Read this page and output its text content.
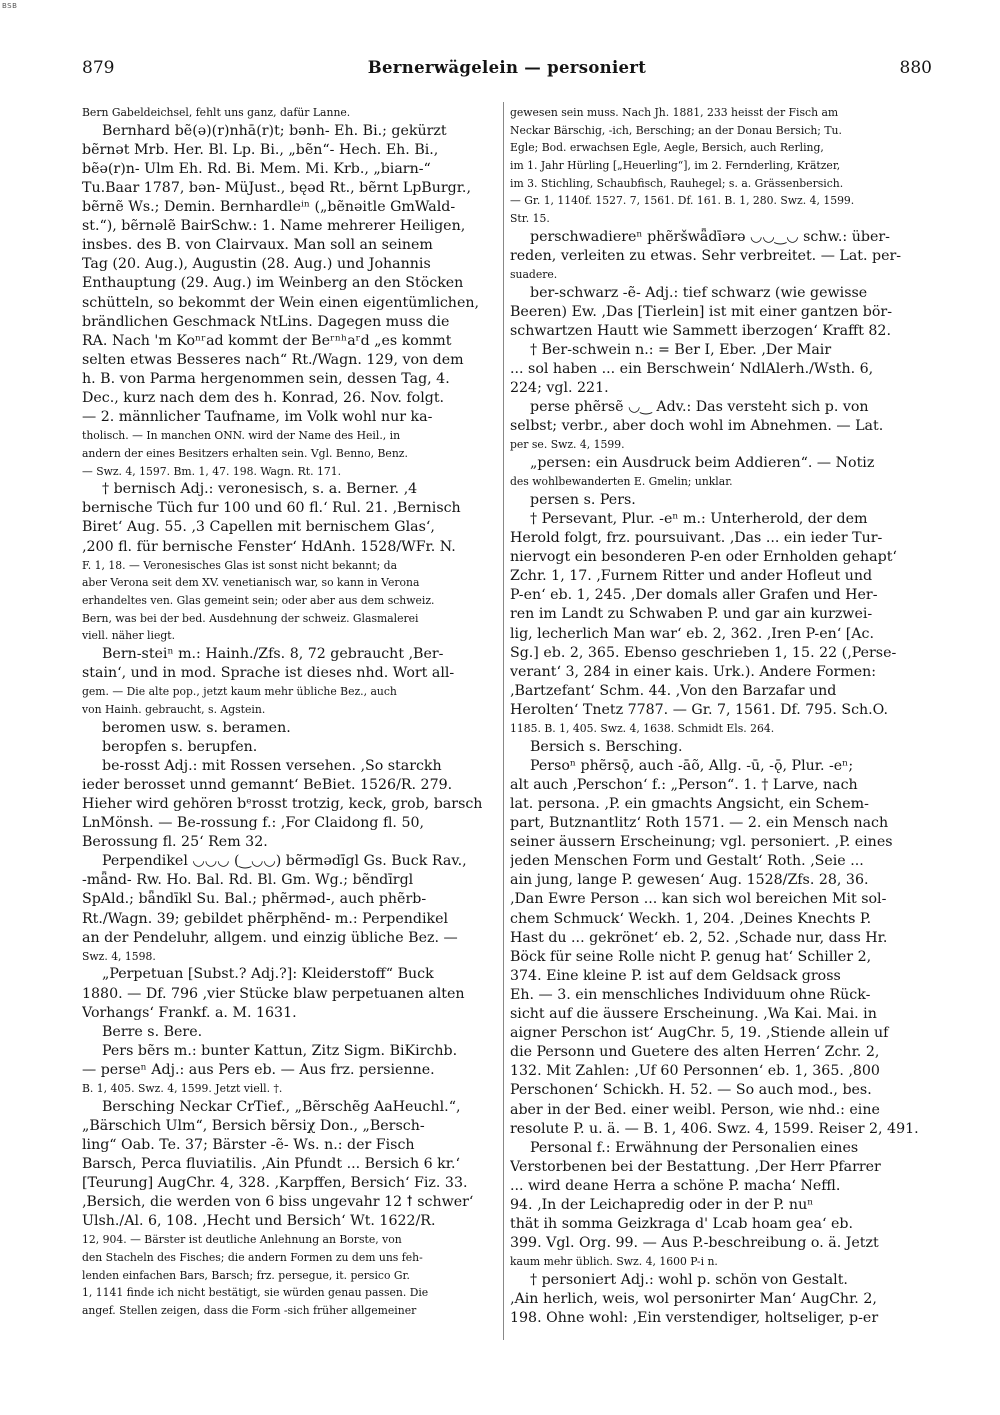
BSB
879	Bernerwägelein — personiert	880
Bern Gabeldeichsel, fehlt uns ganz, dafür Lanne.
Bernhard bẽ(ə)(r)nhā(r)t; bənh- Eh. Bi.; gekürzt
bẽrnət Mrb. Her. Bl. Lp. Bi., „bẽn“- Hech. Eh. Bi.,
bẽə(r)n- Ulm Eh. Rd. Bi. Mem. Mi. Krb., „biarn-“
Tu.Baar 1787, bən- MüJust., bęəd Rt., bẽrnt LpBurgr.,
bẽrnẽ Ws.; Demin. Bernhardleⁱⁿ („bẽnəitle GmWald-
st.“), bẽrnəlẽ BairSchw.: 1. Name mehrerer Heiligen,
insbes. des B. von Clairvaux. Man soll an seinem
Tag (20. Aug.), Augustin (28. Aug.) und Johannis
Enthauptung (29. Aug.) im Weinberg an den Stöcken
schütteln, so bekommt der Wein einen eigentümlichen,
brändlichen Geschmack NtLins. Dagegen muss die
RA. Nach 'm Koⁿʳad kommt der Beʳⁿʰaʳd „es kommt
selten etwas Besseres nach“ Rt./Wagn. 129, von dem
h. B. von Parma hergenommen sein, dessen Tag, 4.
Dec., kurz nach dem des h. Konrad, 26. Nov. folgt.
— 2. männlicher Taufname, im Volk wohl nur ka-
tholisch. — In manchen ONN. wird der Name des Heil., in
andern der eines Besitzers erhalten sein. Vgl. Benno, Benz.
— Swz. 4, 1597. Bm. 1, 47. 198. Wagn. Rt. 171.
† bernisch Adj.: veronesisch, s. a. Berner. ‚4
bernische Tüch fur 100 und 60 fl.‘ Rul. 21. ‚Bernisch
Biret‘ Aug. 55. ‚3 Capellen mit bernischem Glas‘,
‚200 fl. für bernische Fenster‘ HdAnh. 1528/WFr. N.
F. 1, 18. — Veronesisches Glas ist sonst nicht bekannt; da
aber Verona seit dem XV. venetianisch war, so kann in Verona
erhandeltes ven. Glas gemeint sein; oder aber aus dem schweiz.
Bern, was bei der bed. Ausdehnung der schweiz. Glasmalerei
viell. näher liegt.
Bern-steiⁿ m.: Hainh./Zfs. 8, 72 gebraucht ‚Ber-
stain‘, und in mod. Sprache ist dieses nhd. Wort all-
gem. — Die alte pop., jetzt kaum mehr übliche Bez., auch
von Hainh. gebraucht, s. Agstein.
beromen usw. s. beramen.
beropfen s. berupfen.
be-rosst Adj.: mit Rossen versehen. ‚So starckh
ieder berosset unnd gemannt‘ BeBiet. 1526/R. 279.
Hieher wird gehören bᵉrosst trotzig, keck, grob, barsch
LnMönsh. — Be-rossung f.: ‚For Claidong fl. 50,
Berossung fl. 25‘ Rem 32.
Perpendikel ◡◡◡ (‿◡◡) bẽrmədīgl Gs. Buck Rav.,
-mǟnd- Rw. Ho. Bal. Rd. Bl. Gm. Wg.; bẽndīrgl
SpAld.; bǟndīkl Su. Bal.; phẽrməd-, auch phẽrb-
Rt./Wagn. 39; gebildet phẽrphẽnd- m.: Perpendikel
an der Pendeluhr, allgem. und einzig übliche Bez. —
Swz. 4, 1598.
„Perpetuan [Subst.? Adj.?]: Kleiderstoff“ Buck
1880. — Df. 796 ‚vier Stücke blaw perpetuanen alten
Vorhangs‘ Frankf. a. M. 1631.
Berre s. Bere.
Pers bẽrs m.: bunter Kattun, Zitz Sigm. BiKirchb.
— perseⁿ Adj.: aus Pers eb. — Aus frz. persienne.
B. 1, 405. Swz. 4, 1599. Jetzt viell. †.
Bersching Neckar CrTief., „Bẽrschẽg AaHeuchl.“,
„Bärschich Ulm“, Bersich bẽrsiχ Don., „Bersch-
ling“ Oab. Te. 37; Bärster -ẽ- Ws. n.: der Fisch
Barsch, Perca fluviatilis. ‚Ain Pfundt ... Bersich 6 kr.‘
[Teurung] AugChr. 4, 328. ‚Karpffen, Bersich‘ Fiz. 33.
‚Bersich, die werden von 6 biss ungevahr 12 ꝉ schwer‘
Ulsh./Al. 6, 108. ‚Hecht und Bersich‘ Wt. 1622/R.
12, 904. — Bärster ist deutliche Anlehnung an Borste, von
den Stacheln des Fisches; die andern Formen zu dem uns feh-
lenden einfachen Bars, Barsch; frz. persegue, it. persico Gr.
1, 1141 finde ich nicht bestätigt, sie würden genau passen. Die
angef. Stellen zeigen, dass die Form -sich früher allgemeiner
gewesen sein muss. Nach Jh. 1881, 233 heisst der Fisch am
Neckar Bärschig, -ich, Bersching; an der Donau Bersich; Tu.
Egle; Bod. erwachsen Egle, Aegle, Bersich, auch Rerling,
im 1. Jahr Hürling [„Heuerling“], im 2. Fernderling, Krätzer,
im 3. Stichling, Schaubfisch, Rauhegel; s. a. Grässenbersich.
— Gr. 1, 1140f. 1527. 7, 1561. Df. 161. B. 1, 280. Swz. 4, 1599.
Str. 15.
perschwadiereⁿ phẽršwǟdīərə ◡◡‿◡ schw.: über-
reden, verleiten zu etwas. Sehr verbreitet. — Lat. per-
suadere.
ber-schwarz -ẽ- Adj.: tief schwarz (wie gewisse
Beeren) Ew. ‚Das [Tierlein] ist mit einer gantzen bör-
schwartzen Hautt wie Sammett iberzogen‘ Krafft 82.
† Ber-schwein n.: = Ber I, Eber. ‚Der Mair
... sol haben ... ein Berschwein‘ NdlAlerh./Wsth. 6,
224; vgl. 221.
perse phẽrsẽ ◡‿ Adv.: Das versteht sich p. von
selbst; verbr., aber doch wohl im Abnehmen. — Lat.
per se. Swz. 4, 1599.
„persen: ein Ausdruck beim Addieren“. — Notiz
des wohlbewanderten E. Gmelin; unklar.
persen s. Pers.
† Persevant, Plur. -eⁿ m.: Unterherold, der dem
Herold folgt, frz. poursuivant. ‚Das ... ein ieder Tur-
niervogt ein besonderen P-en oder Ernholden gehapt‘
Zchr. 1, 17. ‚Furnem Ritter und ander Hofleut und
P-en‘ eb. 1, 245. ‚Der domals aller Grafen und Her-
ren im Landt zu Schwaben P. und gar ain kurzwei-
lig, lecherlich Man war‘ eb. 2, 362. ‚Iren P-en‘ [Ac.
Sg.] eb. 2, 365. Ebenso geschrieben 1, 15. 22 (‚Perse-
verant‘ 3, 284 in einer kais. Urk.). Andere Formen:
‚Bartzefant‘ Schm. 44. ‚Von den Barzafar und
Herolten‘ Tnetz 7787. — Gr. 7, 1561. Df. 795. Sch.O.
1185. B. 1, 405. Swz. 4, 1638. Schmidt Els. 264.
Bersich s. Bersching.
Persoⁿ phẽrsǭ, auch -āõ, Allg. -ū, -ǭ, Plur. -eⁿ;
alt auch ‚Perschon‘ f.: „Person“. 1. † Larve, nach
lat. persona. ‚P. ein gmachts Angsicht, ein Schem-
part, Butznantlitz‘ Roth 1571. — 2. ein Mensch nach
seiner äussern Erscheinung; vgl. personiert. ‚P. eines
jeden Menschen Form und Gestalt‘ Roth. ‚Seie ...
ain jung, lange P. gewesen‘ Aug. 1528/Zfs. 28, 36.
‚Dan Ewre Person ... kan sich wol bereichen Mit sol-
chem Schmuck‘ Weckh. 1, 204. ‚Deines Knechts P.
Hast du ... gekrönet‘ eb. 2, 52. ‚Schade nur, dass Hr.
Böck für seine Rolle nicht P. genug hat‘ Schiller 2,
374. Eine kleine P. ist auf dem Geldsack gross
Eh. — 3. ein menschliches Individuum ohne Rück-
sicht auf die äussere Erscheinung. ‚Wa Kai. Mai. in
aigner Perschon ist‘ AugChr. 5, 19. ‚Stiende allein uf
die Personn und Guetere des alten Herren‘ Zchr. 2,
132. Mit Zahlen: ‚Uf 60 Personnen‘ eb. 1, 365. ‚800
Perschonen‘ Schickh. H. 52. — So auch mod., bes.
aber in der Bed. einer weibl. Person, wie nhd.: eine
resolute P. u. ä. — B. 1, 406. Swz. 4, 1599. Reiser 2, 491.
Personal f.: Erwähnung der Personalien eines
Verstorbenen bei der Bestattung. ‚Der Herr Pfarrer
... wird deane Herra a schöne P. macha‘ Neffl.
94. ‚In der Leichapredig oder in der P. nuⁿ
thät ih somma Geizkraga d' Lcab hoam gea‘ eb.
399. Vgl. Org. 99. — Aus P.-beschreibung o. ä. Jetzt
kaum mehr üblich. Swz. 4, 1600 P-i n.
† personiert Adj.: wohl p. schön von Gestalt.
‚Ain herlich, weis, wol personirter Man‘ AugChr. 2,
198. Ohne wohl: ‚Ein verstendiger, holtseliger, p-er
